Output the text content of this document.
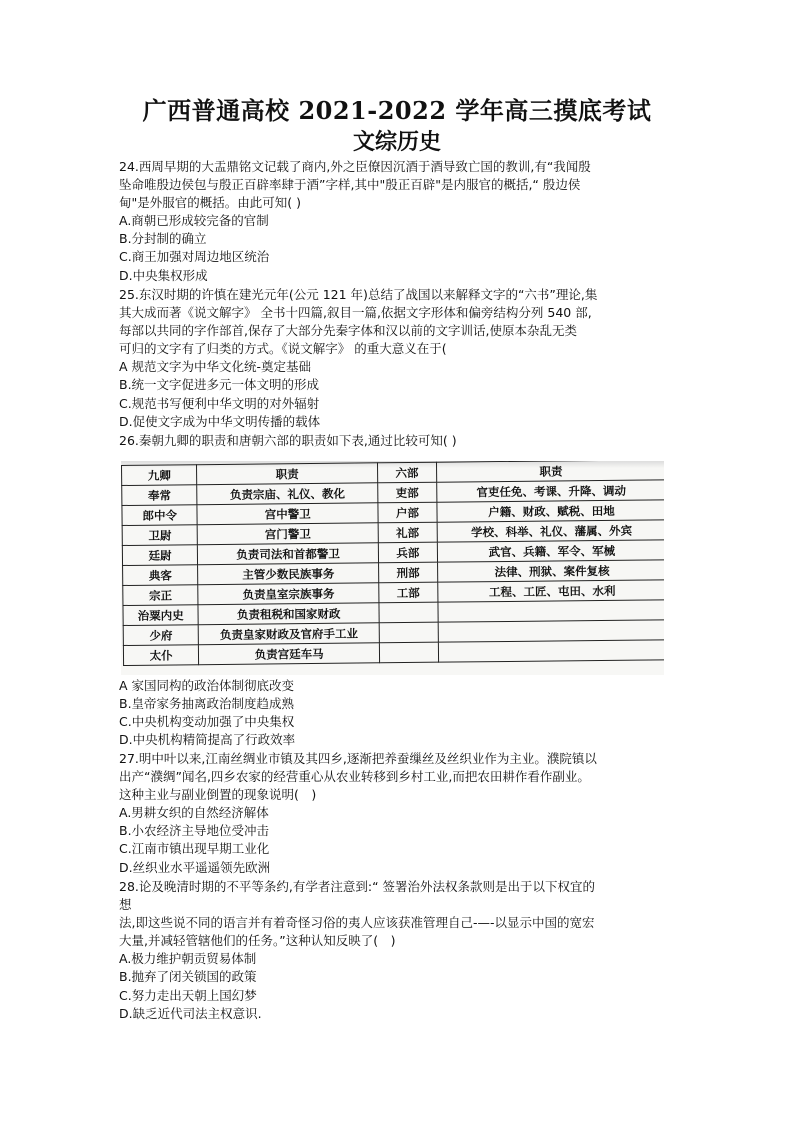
广西普通高校 2021-2022 学年高三摸底考试
文综历史

24.西周早期的大盂鼎铭文记载了商内,外之臣僚因沉酒于酒导致亡国的教训,有“我闻殷

坠命唯殷边侯包与殷正百辟率肆于酒”字样,其中"殷正百辟"是内服官的概括,“ 殷边侯

甸"是外服官的概括。由此可知( )

A.商朝已形成较完备的官制

B.分封制的确立

C.商王加强对周边地区统治

D.中央集权形成

25.东汉时期的许慎在建光元年(公元 121 年)总结了战国以来解释文字的“六书”理论,集

其大成而著《说文解字》 全书十四篇,叙目一篇,依据文字形体和偏旁结构分列 540 部,

每部以共同的字作部首,保存了大部分先秦字体和汉以前的文字训话,使原本杂乱无类

可归的文字有了归类的方式。《说文解字》 的重大意义在于(

A 规范文字为中华文化统-奠定基础

B.统一文字促进多元一体文明的形成

C.规范书写便利中华文明的对外辐射

D.促使文字成为中华文明传播的载体

26.秦朝九卿的职责和唐朝六部的职责如下表,通过比较可知( )

九卿	职责	六部	职责
奉常	负责宗庙、礼仪、教化	吏部	官吏任免、考课、升降、调动
郎中令	宫中警卫	户部	户籍、财政、赋税、田地
卫尉	宫门警卫	礼部	学校、科举、礼仪、藩属、外宾
廷尉	负责司法和首都警卫	兵部	武官、兵籍、军令、军械
典客	主管少数民族事务	刑部	法律、刑狱、案件复核
宗正	负责皇室宗族事务	工部	工程、工匠、屯田、水利
治粟内史	负责租税和国家财政		
少府	负责皇家财政及官府手工业		
太仆	负责宫廷车马		

A 家国同构的政治体制彻底改变

B.皇帝家务抽离政治制度趋成熟

C.中央机构变动加强了中央集权

D.中央机构精简提高了行政效率

27.明中叶以来,江南丝绸业市镇及其四乡,逐渐把养蚕缫丝及丝织业作为主业。濮院镇以

出产“濮绸”闻名,四乡农家的经营重心从农业转移到乡村工业,而把农田耕作看作副业。

这种主业与副业倒置的现象说明(　)

A.男耕女织的自然经济解体

B.小农经济主导地位受冲击

C.江南市镇出现早期工业化

D.丝织业水平遥遥领先欧洲

28.论及晚清时期的不平等条约,有学者注意到:“ 签署治外法权条款则是出于以下权宜的

想

法,即这些说不同的语言并有着奇怪习俗的夷人应该获准管理自己-—-以显示中国的宽宏

大量,并减轻管辖他们的任务。”这种认知反映了(　)

A.极力维护朝贡贸易体制

B.抛弃了闭关锁国的政策

C.努力走出天朝上国幻梦

D.缺乏近代司法主权意识.
